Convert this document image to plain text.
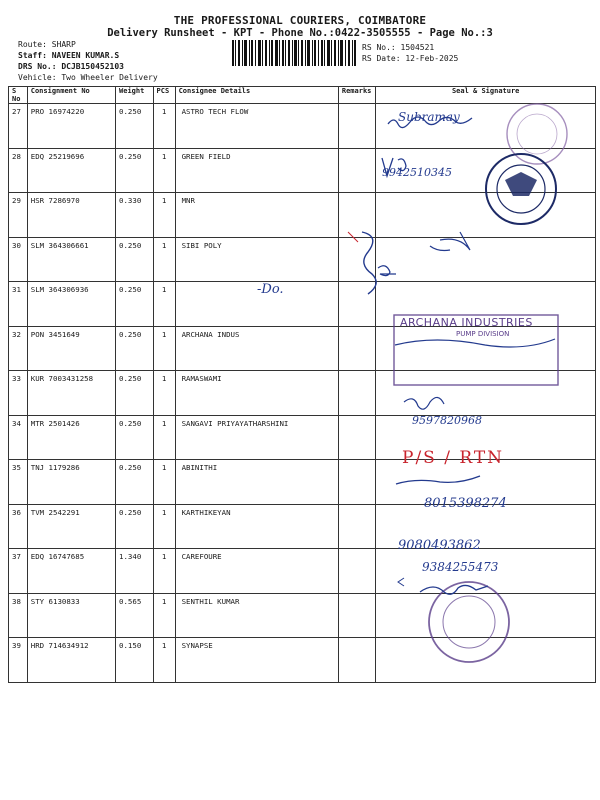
THE PROFESSIONAL COURIERS, COIMBATORE
Delivery Runsheet - KPT - Phone No.:0422-3505555 - Page No.:3
Route: SHARP
Staff: NAVEEN KUMAR.S
DRS No.: DCJB150452103
Vehicle: Two Wheeler Delivery
RS No.: 1504521
RS Date: 12-Feb-2025
S No	Consignment No	Weight	PCS	Consignee Details	Remarks	Seal & Signature
27	PRO 16974220	0.250	1	ASTRO TECH FLOW		
28	EDQ 25219696	0.250	1	GREEN FIELD		
29	HSR 7286970	0.330	1	MNR		
30	SLM 364306661	0.250	1	SIBI POLY		
31	SLM 364306936	0.250	1			
32	PON 3451649	0.250	1	ARCHANA INDUS		
33	KUR 7003431258	0.250	1	RAMASWAMI		
34	MTR 2501426	0.250	1	SANGAVI PRIYAYATHARSHINI		
35	TNJ 1179286	0.250	1	ABINITHI		
36	TVM 2542291	0.250	1	KARTHIKEYAN		
37	EDQ 16747685	1.340	1	CAREFOURE		
38	STY 6130833	0.565	1	SENTHIL KUMAR		
39	HRD 714634912	0.150	1	SYNAPSE		
-Do.
Subramay
9942510345
ARCHANA INDUSTRIES
PUMP DIVISION
9597820968
P/S / RTN
8015398274
9080493862
9384255473
